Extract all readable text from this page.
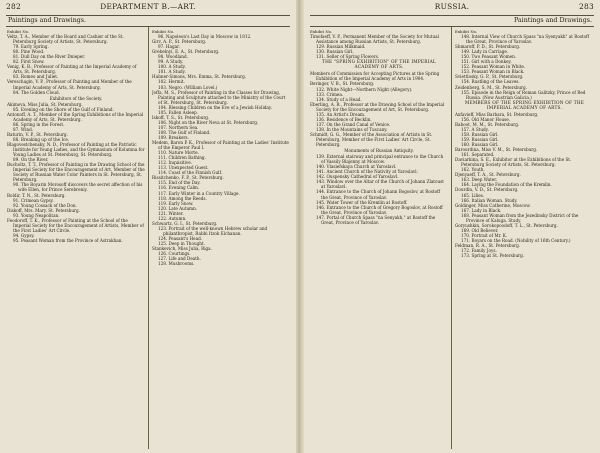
282	DEPARTMENT B.—ART.
Paintings and Drawings.

Exhibit No.

Veltz, T. A., Member of the Board and Cashier of the St. Petersburg Society of Artists, St. Petersburg.

79. Early Spring.

80. Pine Wood.

81. Dull Day on the River Dnieper.

82. First Snow.

Venig, K. B., Professor of Painting at the Imperial Academy of Arts, St. Petersburg.

83. Romeo and Juliet.

Vereschagin, V. P., Professor of Painting and Member of the Imperial Academy of Arts, St. Petersburg.

84. The Golden Cloud.

Exhibitors of the Society.

Akimova, Miss Julia, St. Petersburg.

85. Evening on the Shore of the Gulf of Finland.

Antonoff, A. T., Member of the Spring Exhibitions of the Imperial Academy of Arts, St. Petersburg.

86. Spring in the Forest.

87. Wind.

Baturin, V. P., St. Petersburg.

88. Breaking up of the Ice.

Blagovestchensky, N. D., Professor of Painting at the Patriotic Institute for Young Ladies, and the Gymnasium of Kolumna for Young Ladies at St. Petersburg, St. Petersburg.

89. On the River.

Bucholtz, T. T., Professor of Painting in the Drawing School of the Imperial Society for the Encouragement of Art, Member of the Society of Russian Water Color Painters in St. Petersburg, St. Petersburg.

90. The Boyarin Morosoff discovers the secret affection of his wife Ellen, for Prince Serebreniy.

Boldir, T. N., St. Petersburg.

91. Crimean Gypsy.

92. Young Cossack of the Don.

Diskoff, Mrs. Mary, St. Petersburg.

93. Young Neapolitan.

Feodoroff, T. K., Professor of Painting at the School of the Imperial Society for the Encouragement of Artists, Member of the First Ladies' Art Circle.

94. Gypsy.

95. Peasant Woman from the Province of Astrakhan.

Exhibit No.

96. Napoleon's Last Day in Moscow in 1812.

Girv, A. P., St. Petersburg.

97. Hagar.

Grebelnyi, E. A., St. Petersburg.

98. Woodland.

99. A Study.

100. A Study.

101. A Study.

Hubner-Simons, Mrs. Emma, St. Petersburg.

102. Hermit.

103. Negro. (William Lovel.)

Joffa, M. S., Professor of Painting in the Classes for Drawing, Painting and Sculpture attached to the Ministry of the Court of St. Petersburg, St. Petersburg.

104. Blessing Children on the Eve of a Jewish Holiday.

105. Fallen Asleep.

Iskoff, T. S., St. Petersburg.

106. Night on the River Neva at St. Petersburg.

107. Northern Sea.

108. The Gulf of Finland.

109. Breakers.

Medem, Baron P. K., Professor of Painting at the Ladies' Institute of the Emperor Paul I.

110. Nature Morte.

111. Children Bathing.

112. Inquisitive.

113. Unexpected Guest.

114. Coast of the Finnish Gulf.

Rissitchenko, F. P., St. Petersburg.

115. End of the Day.

116. Evening Calm.

117. Early Winter in a Country Village.

118. Among the Reeds.

119. Early Snow.

120. Late Autumn.

121. Winter.

122. Autumn.

Schwartz, G. I., St. Petersburg.

123. Portrait of the well-known Hebrew scholar and philanthropist, Rabbi Itzok Elchanan.

124. Peasant's Head.

125. Deep in Thought.

Stankevich, Miss Julia, Riga.

126. Courtings.

127. Life and Death.

128. Mushrooms.

RUSSIA.	283
Paintings and Drawings.

Exhibit No.

Timofaeff, V. P., Permanent Member of the Society for Mutual Assistance among Russian Artists, St. Petersburg.

129. Russian Milkmaid.

130. Russian Girl.

131. Seller of Spring Flowers.

THE "SPRING EXHIBITION" OF THE IMPERIAL ACADEMY OF ARTS.

Members of Commission for Accepting Pictures at the Spring Exhibition of the Imperial Academy of Arts in 1904.

Beringer, V. B., St. Petersburg.

132. White Night—Northern Night (Allegory).

133. Crimea.

134. Study of a Head.

Eberling, A. R., Professor at the Drawing School of the Imperial Society for the Encouragement of Art, St. Petersburg.

135. An Artist's Dream.

136. Residence of Becklin.

137. On the Grand Canal of Venice.

138. In the Mountains of Tuscany.

Schmidt, G. G., Member of the Association of Artists in St. Petersburg, Member of the First Ladies' Art Circle, St. Petersburg.

Monuments of Russian Antiquity.

139. External stairway and principal entrance to the Church of Vassily Blajenny at Moscow.

140. Vlasiefskaya Church at Yaroslavl.

141. Ancient Church of the Nativity at Yaroslavl.

142. Ouspensky Cathedral of Yaroslavl.

143. Window over the Altar of the Church of Johann Zlatoust at Yaroslavl.

144. Entrance to the Church of Johann Bogoslov, at Rostoff the Great, Province of Yaroslav.

145. Water Tower of the Kremlin at Rostoff.

146. Entrance to the Church of Gregory Bogoslov, at Rostoff the Great, Province of Yaroslav.

147. Portal of Church Spass "na Senyakh," at Rostoff the Great, Province of Yaroslav.

Exhibit No.

148. Internal View of Church Spass "na Syenyakh" at Rostoff the Great, Province of Yaroslav.

Shmaroff, P. D., St. Petersburg.

149. Lady in Carriage.

150. Two Peasant Women.

151. Girl with a Donkey.

152. Peasant Woman in White.

153. Peasant Woman in Black.

Sviettlosky, G. P., St. Petersburg.

154. Rustling of the Leaves.

Zeidenberg, S. M., St. Petersburg.

155. Episode in the Reign of Roman Galitzky, Prince of Red Russia. (Now Austrian Galicia.)

MEMBERS OF THE SPRING EXHIBITION OF THE IMPERIAL ACADEMY OF ARTS.

Axfavieff, Miss Barbara, St. Petersburg.

156. Old Manor House.

Baboot, M. M., St. Petersburg.

157. A Study.

158. Russian Girl.

159. Russian Girl.

160. Russian Girl.

Barourdina, Miss V. M., St. Petersburg.

161. Separated.

Daviarkina, S. E., Exhibitor at the Exhibitions of the St. Petersburg Society of Artists, St. Petersburg.

162. Youth.

Djenyaeff, T. A., St. Petersburg.

163. Deep Water.

164. Laying the Foundation of the Kremlin.

Dourdin, V. D., St. Petersburg.

165. Lilies.

166. Italian Woman. Study.

Goldinger, Miss Catherine, Moscow.

167. Lady in Black.

168. Peasant Woman from the Jezedinsky District of the Province of Kaluga. Study.

Goryushkin, Sorokopoodoff, T. L., St. Petersburg.

169. Old Believer.

170. Portrait of Mr. K.

171. Boyars on the Road. (Nobility of 16th Century.)

Feldman, R. A., St. Petersburg.

172. Family Joys.

173. Spring at St. Petersburg.
